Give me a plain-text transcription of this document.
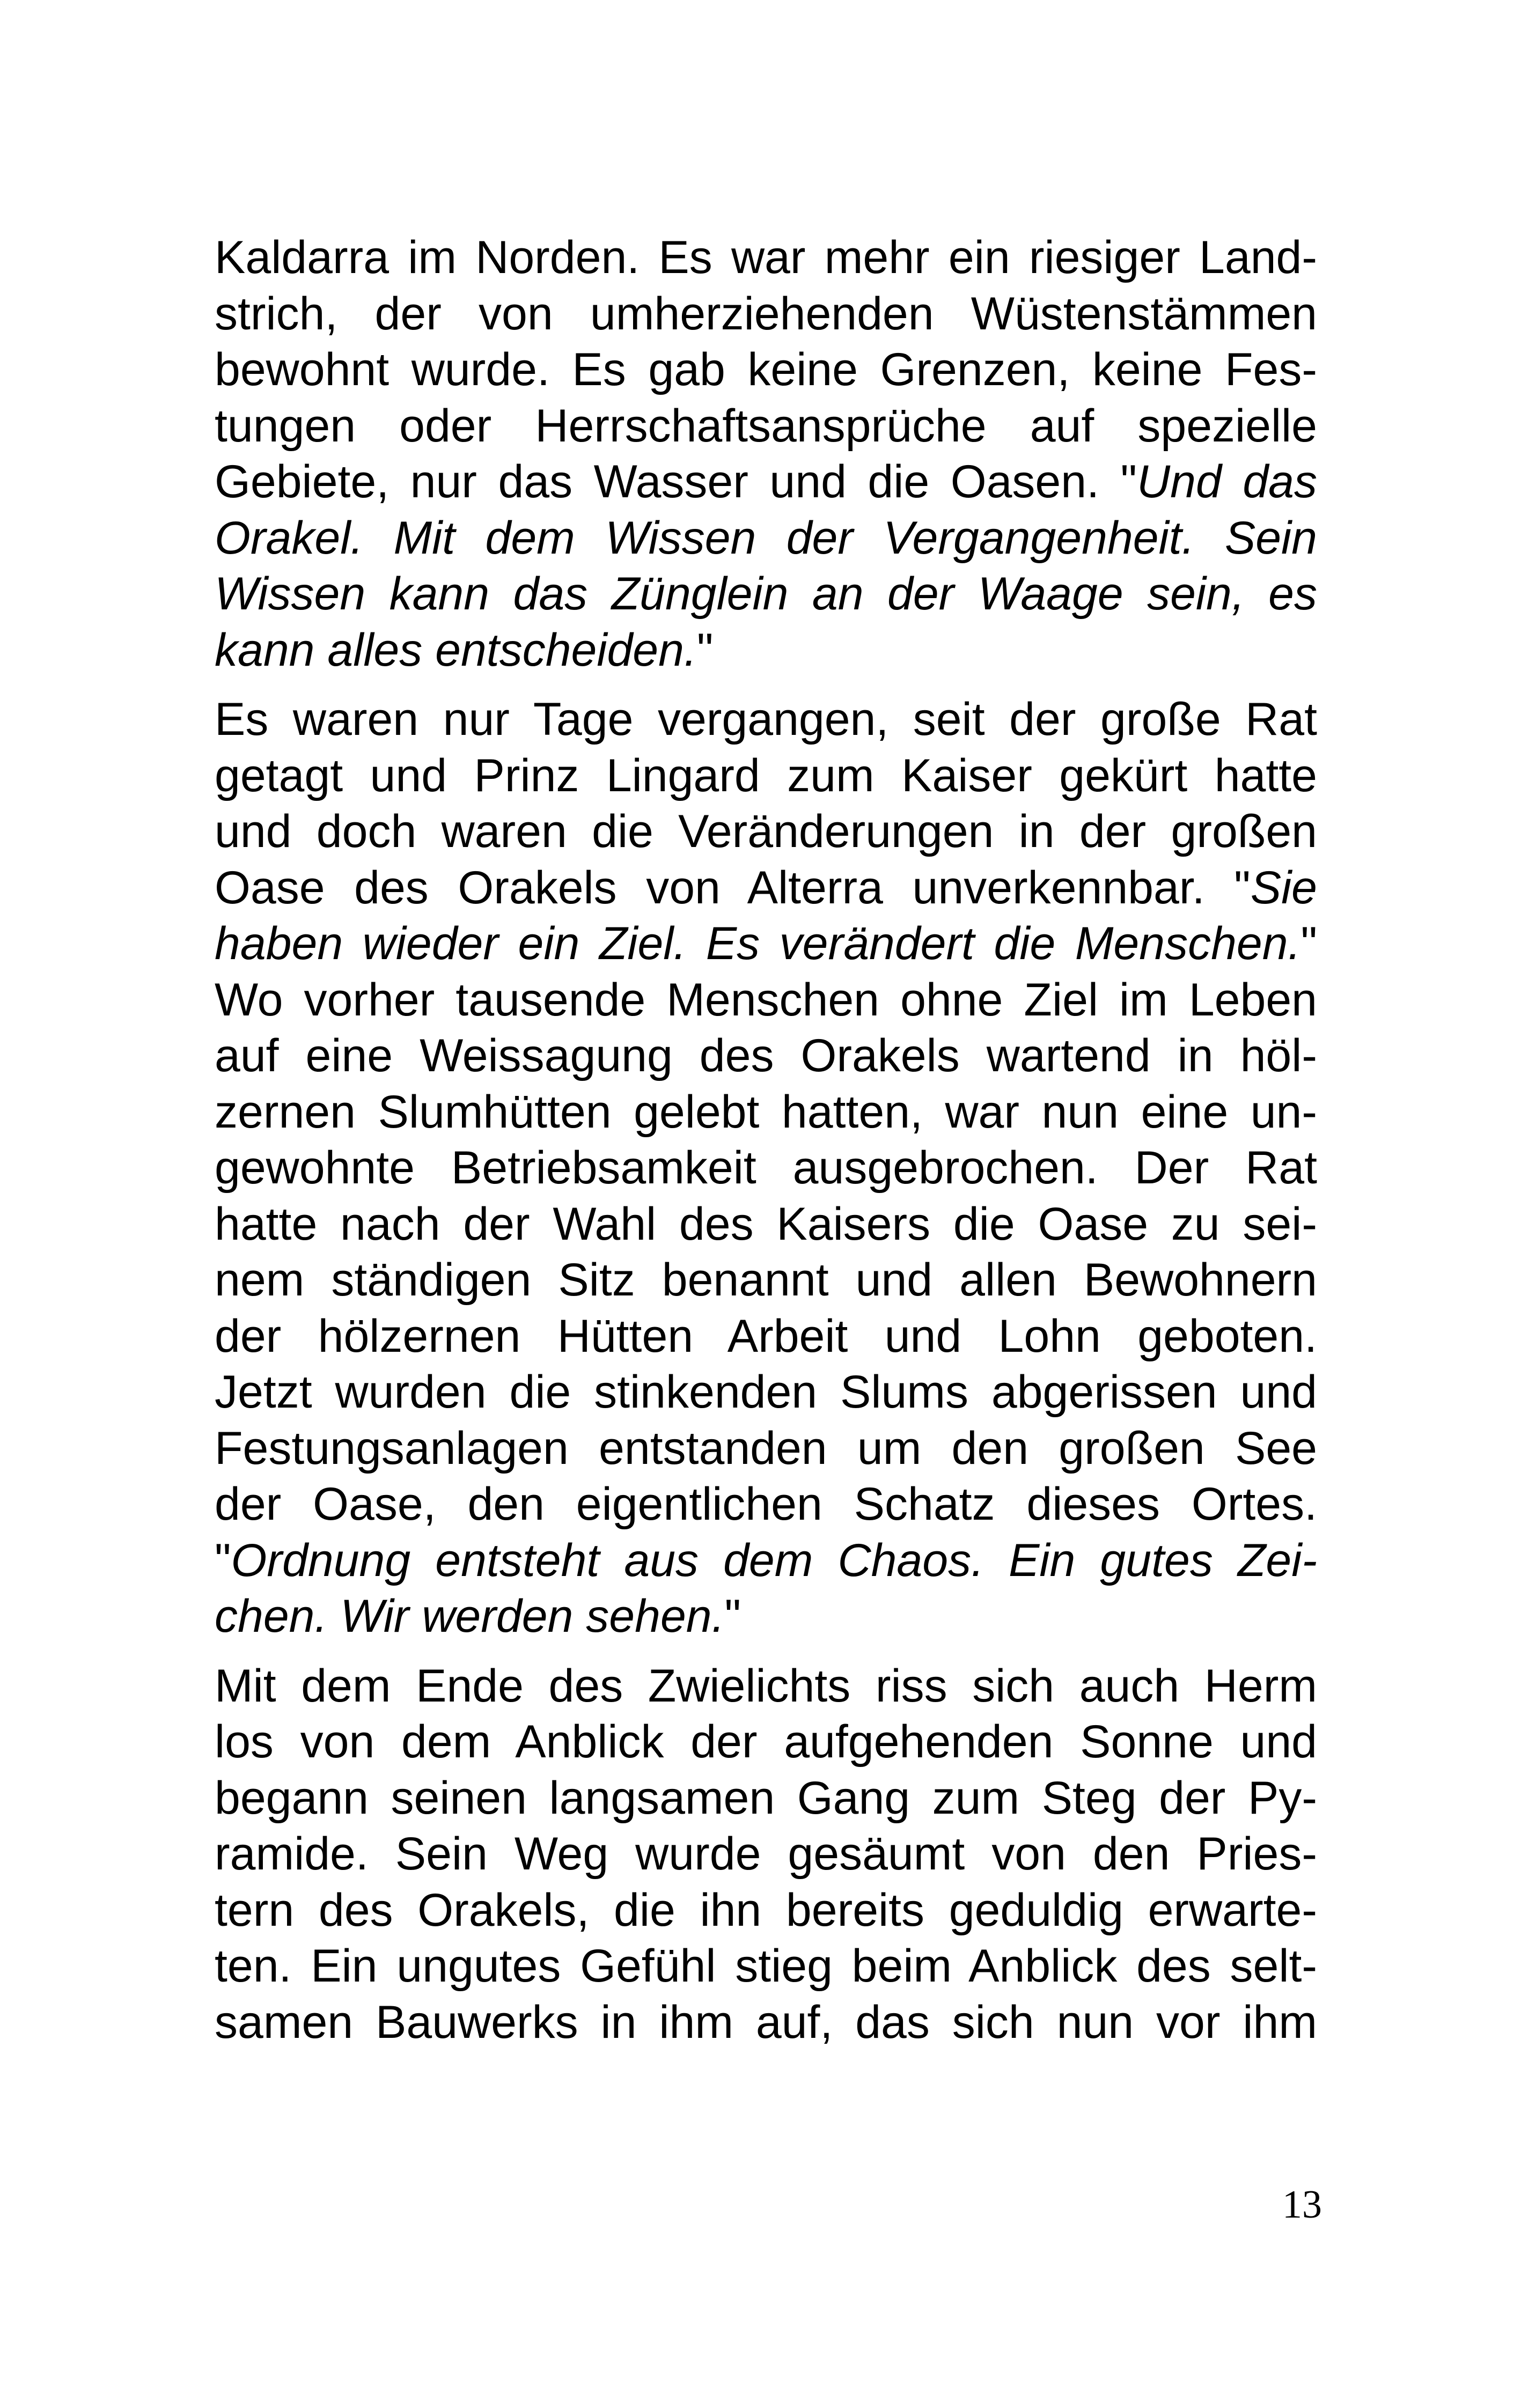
Kaldarra im Norden. Es war mehr ein riesiger Land-
strich, der von umherziehenden Wüstenstämmen
bewohnt wurde. Es gab keine Grenzen, keine Fes-
tungen oder Herrschaftsansprüche auf spezielle
Gebiete, nur das Wasser und die Oasen. "Und das
Orakel. Mit dem Wissen der Vergangenheit. Sein
Wissen kann das Zünglein an der Waage sein, es
kann alles entscheiden."
Es waren nur Tage vergangen, seit der große Rat
getagt und Prinz Lingard zum Kaiser gekürt hatte
und doch waren die Veränderungen in der großen
Oase des Orakels von Alterra unverkennbar. "Sie
haben wieder ein Ziel. Es verändert die Menschen."
Wo vorher tausende Menschen ohne Ziel im Leben
auf eine Weissagung des Orakels wartend in höl-
zernen Slumhütten gelebt hatten, war nun eine un-
gewohnte Betriebsamkeit ausgebrochen. Der Rat
hatte nach der Wahl des Kaisers die Oase zu sei-
nem ständigen Sitz benannt und allen Bewohnern
der hölzernen Hütten Arbeit und Lohn geboten.
Jetzt wurden die stinkenden Slums abgerissen und
Festungsanlagen entstanden um den großen See
der Oase, den eigentlichen Schatz dieses Ortes.
"Ordnung entsteht aus dem Chaos. Ein gutes Zei-
chen. Wir werden sehen."
Mit dem Ende des Zwielichts riss sich auch Herm
los von dem Anblick der aufgehenden Sonne und
begann seinen langsamen Gang zum Steg der Py-
ramide. Sein Weg wurde gesäumt von den Pries-
tern des Orakels, die ihn bereits geduldig erwarte-
ten. Ein ungutes Gefühl stieg beim Anblick des selt-
samen Bauwerks in ihm auf, das sich nun vor ihm
13
